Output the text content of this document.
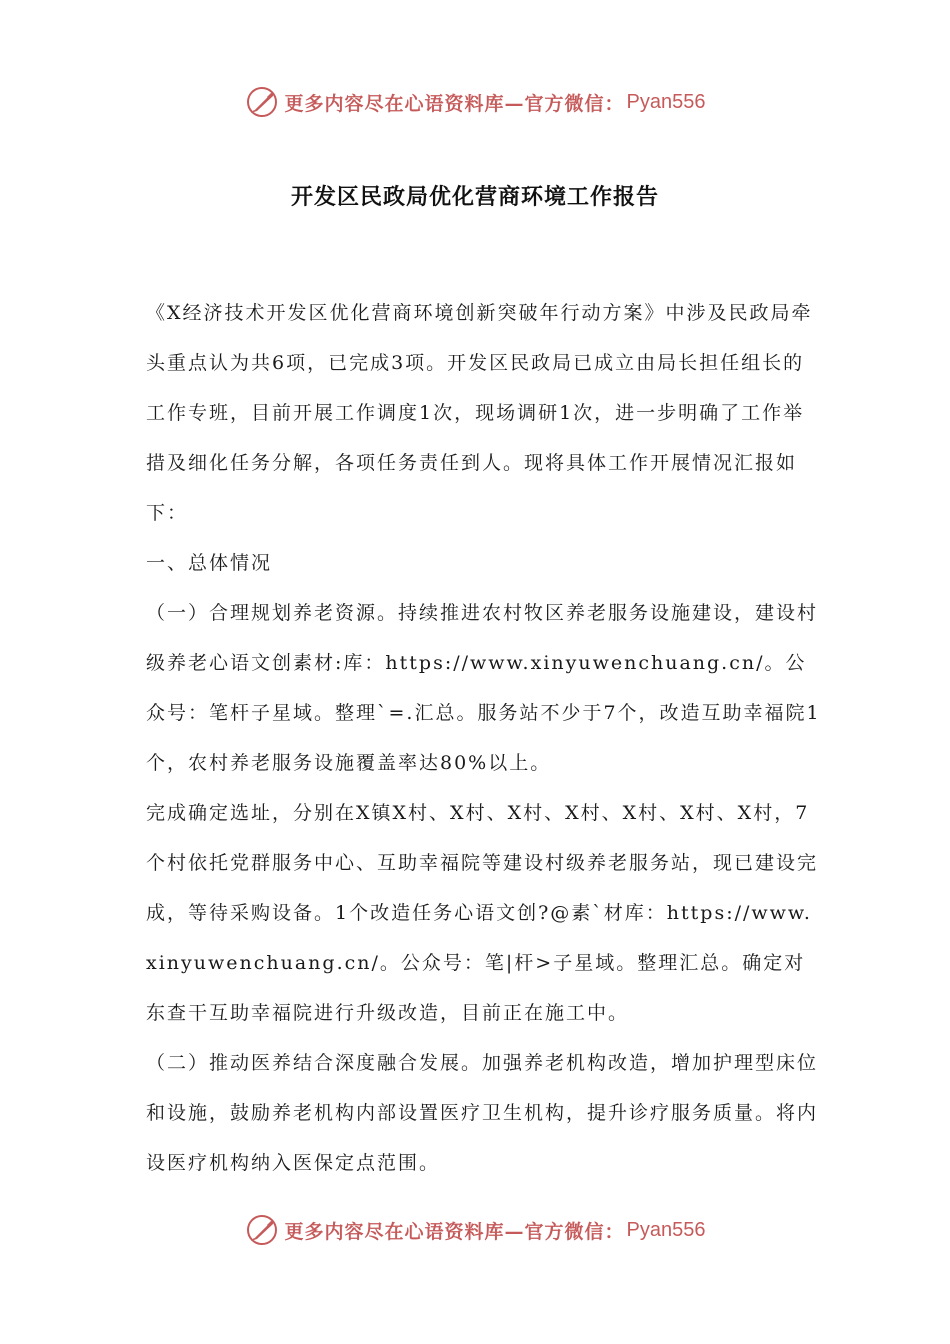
更多内容尽在心语资料库—官方微信： Pyan556
开发区民政局优化营商环境工作报告

《X经济技术开发区优化营商环境创新突破年行动方案》中涉及民政局牵头重点认为共6项，已完成3项。开发区民政局已成立由局长担任组长的工作专班，目前开展工作调度1次，现场调研1次，进一步明确了工作举措及细化任务分解，各项任务责任到人。现将具体工作开展情况汇报如下：

一、总体情况

（一）合理规划养老资源。持续推进农村牧区养老服务设施建设，建设村级养老心语文创素材:库：https://www.xinyuwenchuang.cn/。公众号：笔杆子星域。整理`=.汇总。服务站不少于7个，改造互助幸福院1个，农村养老服务设施覆盖率达80%以上。

完成确定选址，分别在X镇X村、X村、X村、X村、X村、X村、X村，7个村依托党群服务中心、互助幸福院等建设村级养老服务站，现已建设完成，等待采购设备。1个改造任务心语文创?@素`材库：https://www.xinyuwenchuang.cn/。公众号：笔|杆>子星域。整理汇总。确定对东查干互助幸福院进行升级改造，目前正在施工中。

（二）推动医养结合深度融合发展。加强养老机构改造，增加护理型床位和设施，鼓励养老机构内部设置医疗卫生机构，提升诊疗服务质量。将内设医疗机构纳入医保定点范围。

更多内容尽在心语资料库—官方微信： Pyan556
